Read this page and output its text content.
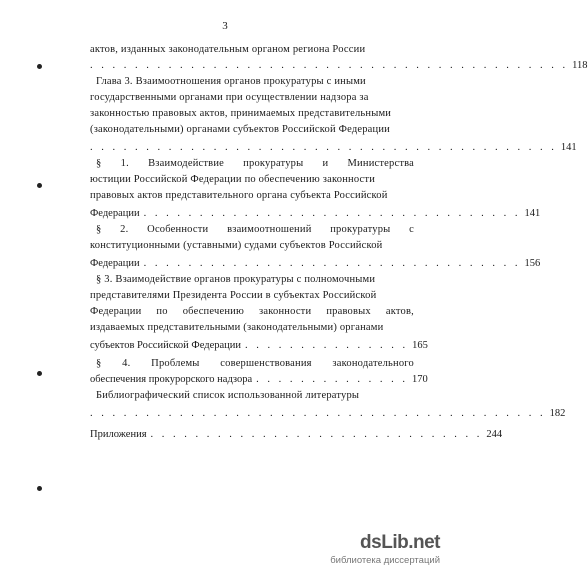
3
актов, изданных законодательным органом региона России
. . . . . . . . . . . . . . . . . . . . . . . . . . . . . . . . . . . . . . . . . . . 118
Глава 3. Взаимоотношения органов прокуратуры с иными
государственными органами при осуществлении надзора за
законностью правовых актов, принимаемых представительными
(законодательными) органами субъектов Российской Федерации
. . . . . . . . . . . . . . . . . . . . . . . . . . . . . . . . . . . . . . . . . . 141
§ 1. Взаимодействие прокуратуры и Министерства
юстиции Российской Федерации по обеспечению законности
правовых актов представительного органа субъекта Российской
Федерации . . . . . . . . . . . . . . . . . . . . . . . . . . . . . . . . . . 141
§ 2. Особенности взаимоотношений прокуратуры с
конституционными (уставными) судами субъектов Российской
Федерации . . . . . . . . . . . . . . . . . . . . . . . . . . . . . . . . . . 156
§ 3. Взаимодействие органов прокуратуры с полномочными
представителями Президента России в субъектах Российской
Федерации по обеспечению законности правовых актов,
издаваемых представительными (законодательными) органами
субъектов Российской Федерации . . . . . . . . . . . . . . . 165
§ 4. Проблемы совершенствования законодательного
обеспечения прокурорского надзора . . . . . . . . . . . . . . 170
Библиографический список использованной литературы
. . . . . . . . . . . . . . . . . . . . . . . . . . . . . . . . . . . . . . . . . 182
Приложения . . . . . . . . . . . . . . . . . . . . . . . . . . . . . . 244
dsLib.net
библиотека диссертаций
